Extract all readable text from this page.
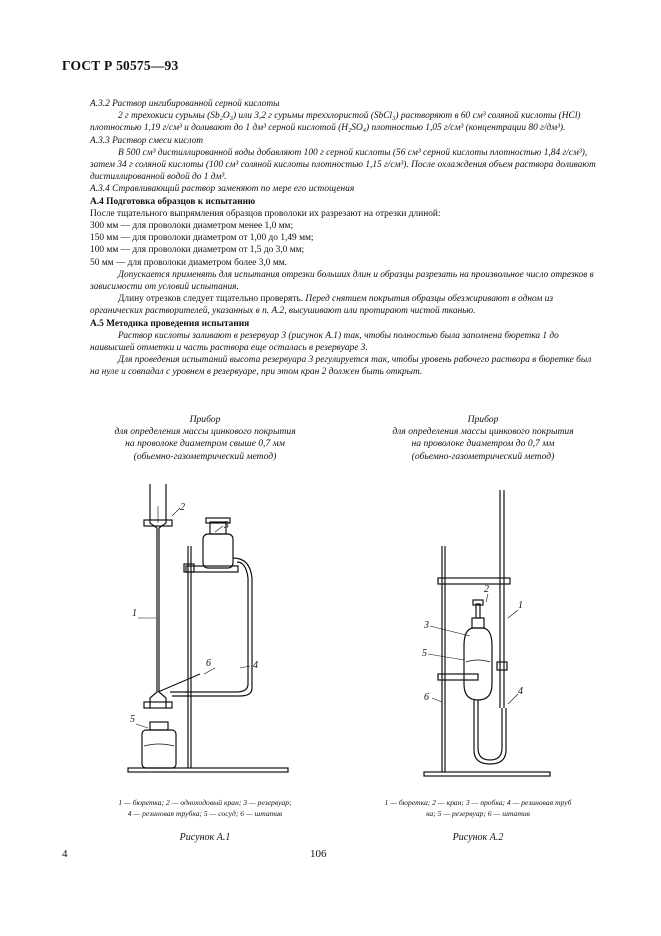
ГОСТ Р 50575—93

A.3.2 Раствор ингибированной серной кислоты

2 г трехокиси сурьмы (Sb₂O₃) или 3,2 г сурьмы треххлористой (SbCl₃) растворяют в 60 см³ соляной кислоты (HCl) плотностью 1,19 г/см³ и доливают до 1 дм³ серной кислотой (H₂SO₄) плотностью 1,05 г/см³ (концентрации 80 г/дм³).

A.3.3 Раствор смеси кислот

В 500 см³ дистиллированной воды добавляют 100 г серной кислоты (56 см³ серной кислоты плотностью 1,84 г/см³), затем 34 г соляной кислоты (100 см³ соляной кислоты плотностью 1,15 г/см³). После охлаждения объем раствора доливают дистиллированной водой до 1 дм³.

A.3.4 Стравливающий раствор заменяют по мере его истощения

А.4 Подготовка образцов к испытанию

После тщательного выпрямления образцов проволоки их разрезают на отрезки длиной:

300 мм — для проволоки диаметром менее 1,0 мм;

150 мм — для проволоки диаметром от 1,00 до 1,49 мм;

100 мм — для проволоки диаметром от 1,5 до 3,0 мм;

50 мм — для проволоки диаметром более 3,0 мм.

Допускается применять для испытания отрезки больших длин и образцы разрезать на произвольное число отрезков в зависимости от условий испытания.

Длину отрезков следует тщательно проверять. Перед снятием покрытия образцы обезжиривают в одном из органических растворителей, указанных в п. А.2, высушивают или протирают чистой тканью.

А.5 Методика проведения испытания

Раствор кислоты заливают в резервуар 3 (рисунок А.1) так, чтобы полностью была заполнена бюретка 1 до наивысшей отметки и часть раствора еще осталась в резервуаре 3.

Для проведения испытаний высота резервуара 3 регулируется так, чтобы уровень рабочего раствора в бюретке был на нуле и совпадал с уровнем в резервуаре, при этом кран 2 должен быть открыт.

Прибор
для определения массы цинкового покрытия
на проволоке диаметром свыше 0,7 мм
(обьемно-газометрический метод)
Прибор
для определения массы цинкового покрытия
на проволоке диаметром до 0,7 мм
(обьемно-газометрический метод)
2
3
1
4
6
5
2
3
5
1
4
6
1 — бюретка; 2 — одноходовый кран; 3 — резервуар;
4 — резиновая трубка; 5 — сосуд; 6 — штатив
Рисунок А.1
1 — бюретка; 2 — кран; 3 — пробка; 4 — резиновая труб
ка; 5 — резервуар; 6 — штатив
Рисунок А.2
4	106
